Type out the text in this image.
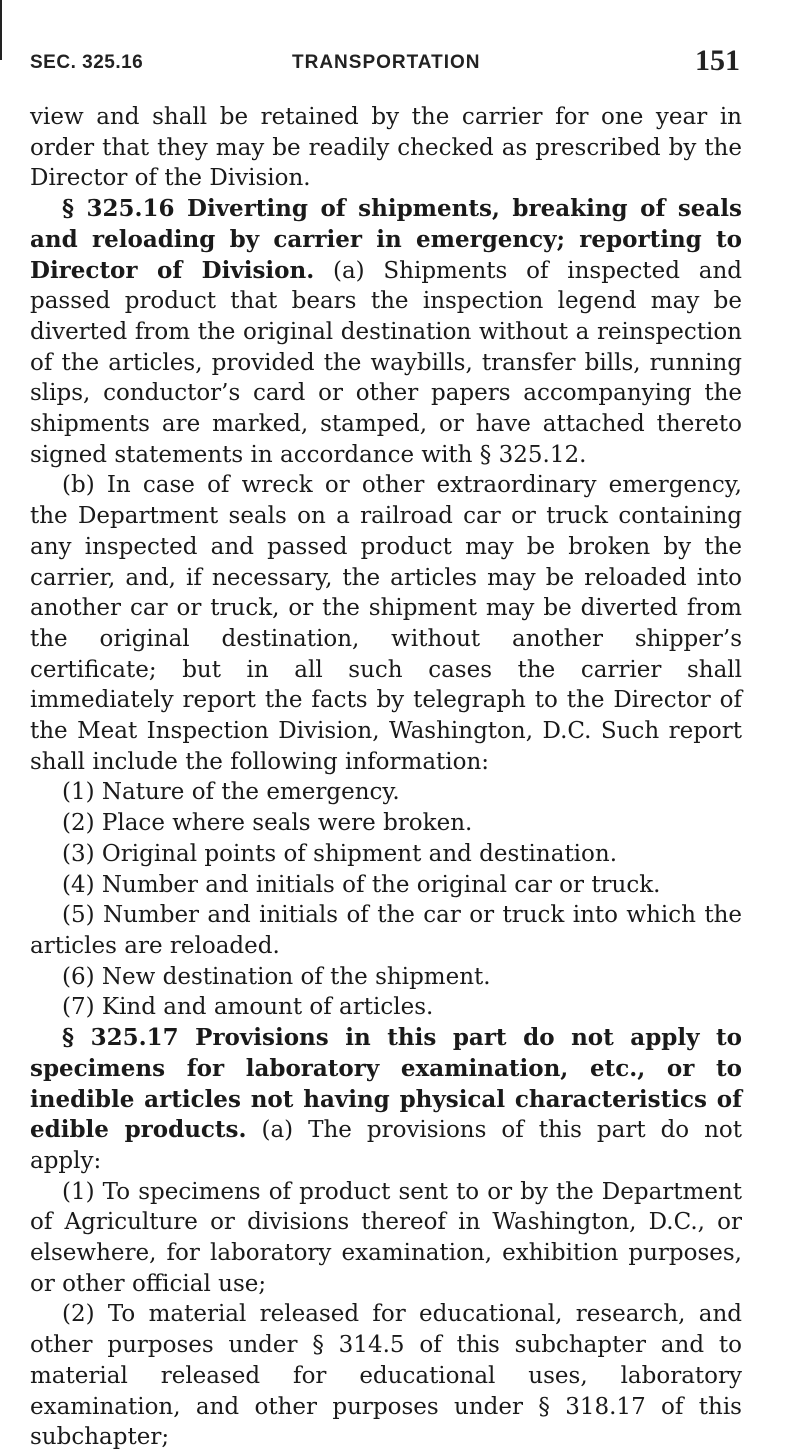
SEC. 325.16	TRANSPORTATION	151

view and shall be retained by the carrier for one year in order that they may be readily checked as prescribed by the Director of the Division.

§ 325.16 Diverting of shipments, breaking of seals and reloading by carrier in emergency; reporting to Director of Division. (a) Shipments of inspected and passed product that bears the inspection legend may be diverted from the original destination without a reinspection of the articles, provided the waybills, transfer bills, running slips, conductor’s card or other papers accompanying the shipments are marked, stamped, or have attached thereto signed statements in accordance with § 325.12.

(b) In case of wreck or other extraordinary emergency, the Department seals on a railroad car or truck containing any inspected and passed product may be broken by the carrier, and, if necessary, the articles may be reloaded into another car or truck, or the shipment may be diverted from the original destination, without another shipper’s certificate; but in all such cases the carrier shall immediately report the facts by telegraph to the Director of the Meat Inspection Division, Washington, D.C. Such report shall include the following information:

(1) Nature of the emergency.

(2) Place where seals were broken.

(3) Original points of shipment and destination.

(4) Number and initials of the original car or truck.

(5) Number and initials of the car or truck into which the articles are reloaded.

(6) New destination of the shipment.

(7) Kind and amount of articles.

§ 325.17 Provisions in this part do not apply to specimens for laboratory examination, etc., or to inedible articles not having physical characteristics of edible products. (a) The provisions of this part do not apply:

(1) To specimens of product sent to or by the Department of Agriculture or divisions thereof in Washington, D.C., or elsewhere, for laboratory examination, exhibition purposes, or other official use;

(2) To material released for educational, research, and other purposes under § 314.5 of this subchapter and to material released for educational uses, laboratory examination, and other purposes under § 318.17 of this subchapter;
